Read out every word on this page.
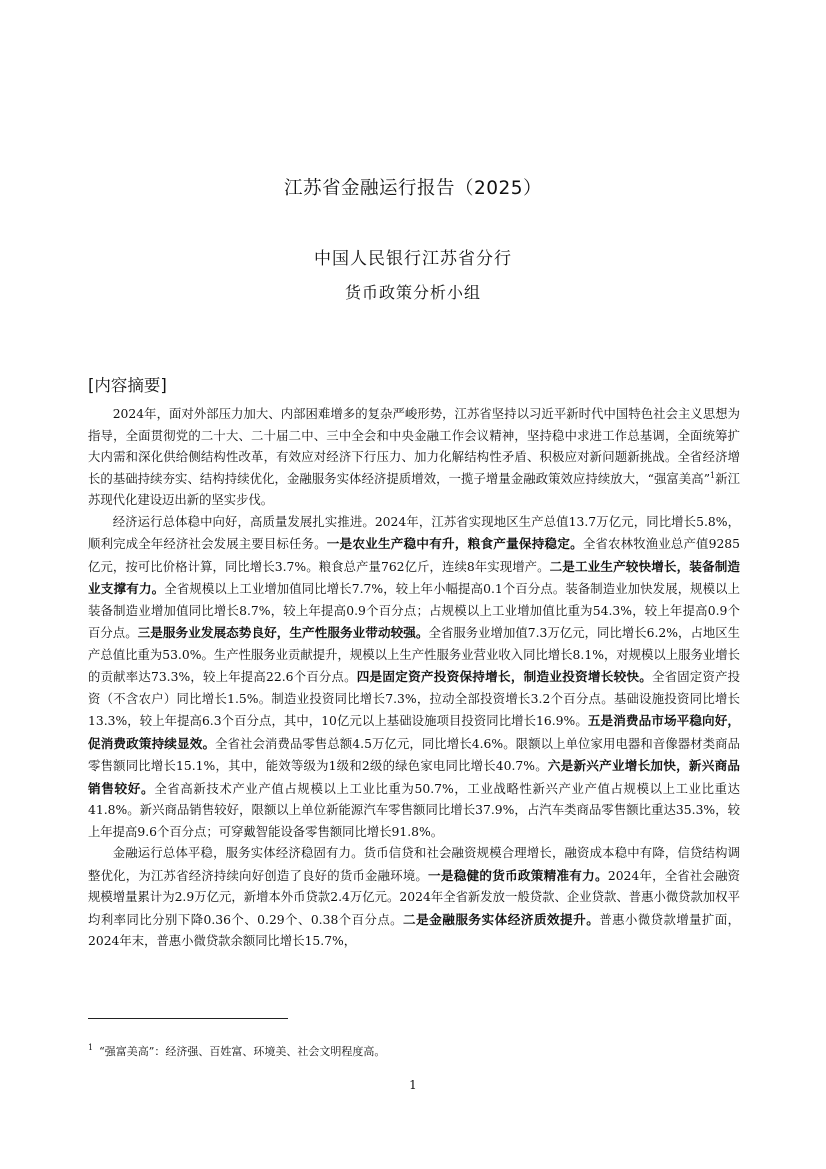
江苏省金融运行报告（2025）
中国人民银行江苏省分行
货币政策分析小组
[内容摘要]

2024年，面对外部压力加大、内部困难增多的复杂严峻形势，江苏省坚持以习近平新时代中国特色社会主义思想为指导，全面贯彻党的二十大、二十届二中、三中全会和中央金融工作会议精神，坚持稳中求进工作总基调，全面统筹扩大内需和深化供给侧结构性改革，有效应对经济下行压力、加力化解结构性矛盾、积极应对新问题新挑战。全省经济增长的基础持续夯实、结构持续优化，金融服务实体经济提质增效，一揽子增量金融政策效应持续放大，“强富美高”$^1$新江苏现代化建设迈出新的坚实步伐。

经济运行总体稳中向好，高质量发展扎实推进。2024年，江苏省实现地区生产总值13.7万亿元，同比增长5.8%，顺利完成全年经济社会发展主要目标任务。一是农业生产稳中有升，粮食产量保持稳定。全省农林牧渔业总产值9285亿元，按可比价格计算，同比增长3.7%。粮食总产量762亿斤，连续8年实现增产。二是工业生产较快增长，装备制造业支撑有力。全省规模以上工业增加值同比增长7.7%，较上年小幅提高0.1个百分点。装备制造业加快发展，规模以上装备制造业增加值同比增长8.7%，较上年提高0.9个百分点；占规模以上工业增加值比重为54.3%，较上年提高0.9个百分点。三是服务业发展态势良好，生产性服务业带动较强。全省服务业增加值7.3万亿元，同比增长6.2%，占地区生产总值比重为53.0%。生产性服务业贡献提升，规模以上生产性服务业营业收入同比增长8.1%，对规模以上服务业增长的贡献率达73.3%，较上年提高22.6个百分点。四是固定资产投资保持增长，制造业投资增长较快。全省固定资产投资（不含农户）同比增长1.5%。制造业投资同比增长7.3%，拉动全部投资增长3.2个百分点。基础设施投资同比增长13.3%，较上年提高6.3个百分点，其中，10亿元以上基础设施项目投资同比增长16.9%。五是消费品市场平稳向好，促消费政策持续显效。全省社会消费品零售总额4.5万亿元，同比增长4.6%。限额以上单位家用电器和音像器材类商品零售额同比增长15.1%，其中，能效等级为1级和2级的绿色家电同比增长40.7%。六是新兴产业增长加快，新兴商品销售较好。全省高新技术产业产值占规模以上工业比重为50.7%，工业战略性新兴产业产值占规模以上工业比重达41.8%。新兴商品销售较好，限额以上单位新能源汽车零售额同比增长37.9%，占汽车类商品零售额比重达35.3%，较上年提高9.6个百分点；可穿戴智能设备零售额同比增长91.8%。

金融运行总体平稳，服务实体经济稳固有力。货币信贷和社会融资规模合理增长，融资成本稳中有降，信贷结构调整优化，为江苏省经济持续向好创造了良好的货币金融环境。一是稳健的货币政策精准有力。2024年，全省社会融资规模增量累计为2.9万亿元，新增本外币贷款2.4万亿元。2024年全省新发放一般贷款、企业贷款、普惠小微贷款加权平均利率同比分别下降0.36个、0.29个、0.38个百分点。二是金融服务实体经济质效提升。普惠小微贷款增量扩面，2024年末，普惠小微贷款余额同比增长15.7%，

$^1$ “强富美高”：经济强、百姓富、环境美、社会文明程度高。
1
